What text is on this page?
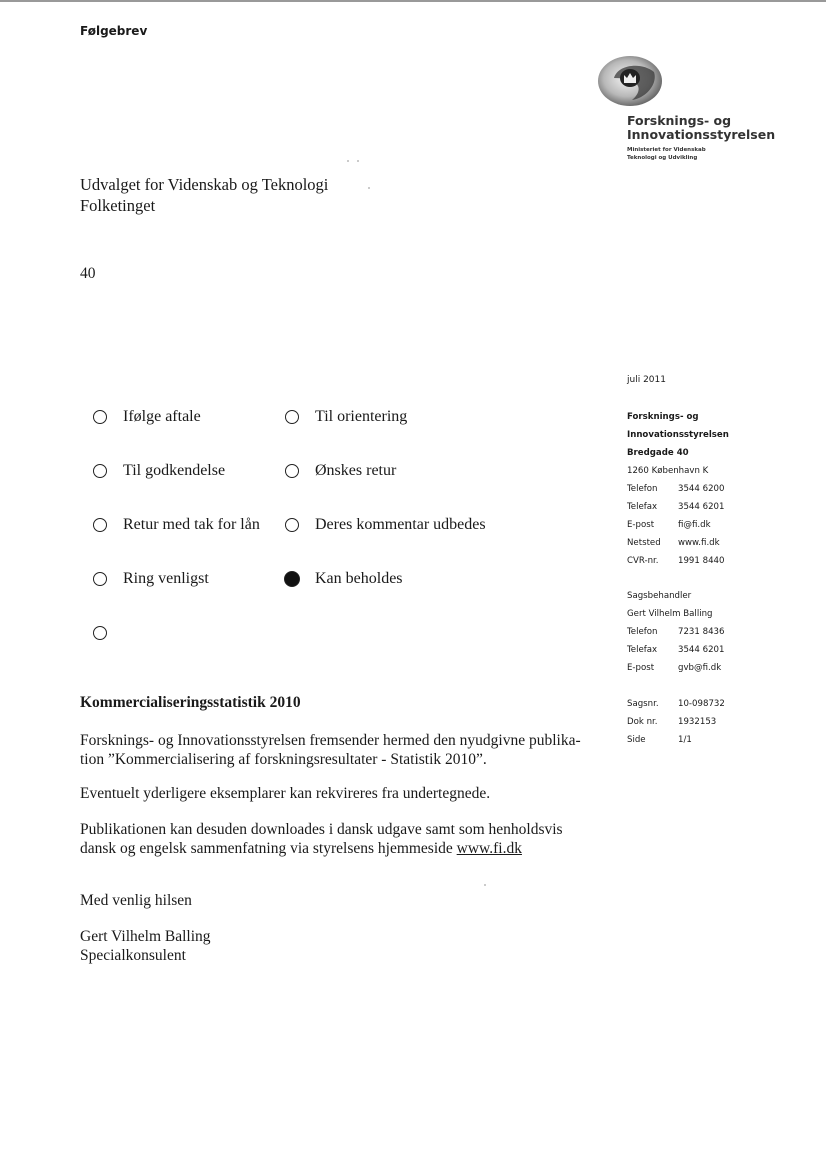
Følgebrev
Forsknings- og
Innovationsstyrelsen
Ministeriet for Videnskab
Teknologi og Udvikling
Udvalget for Videnskab og Teknologi
Folketinget
40
Ifølge aftale	Til orientering
Til godkendelse	Ønskes retur
Retur med tak for lån	Deres kommentar udbedes
Ring venligst	Kan beholdes
juli 2011
Forsknings- og
Innovationsstyrelsen
Bredgade 40
1260 København K
Telefon	3544 6200
Telefax	3544 6201
E-post	fi@fi.dk
Netsted	www.fi.dk
CVR-nr.	1991 8440
Sagsbehandler
Gert Vilhelm Balling
Telefon	7231 8436
Telefax	3544 6201
E-post	gvb@fi.dk
Sagsnr.	10-098732
Dok nr.	1932153
Side	1/1
Kommercialiseringsstatistik 2010
Forsknings- og Innovationsstyrelsen fremsender hermed den nyudgivne publika-
tion ”Kommercialisering af forskningsresultater - Statistik 2010”.
Eventuelt yderligere eksemplarer kan rekvireres fra undertegnede.
Publikationen kan desuden downloades i dansk udgave samt som henholdsvis
dansk og engelsk sammenfatning via styrelsens hjemmeside www.fi.dk
Med venlig hilsen
Gert Vilhelm Balling
Specialkonsulent
